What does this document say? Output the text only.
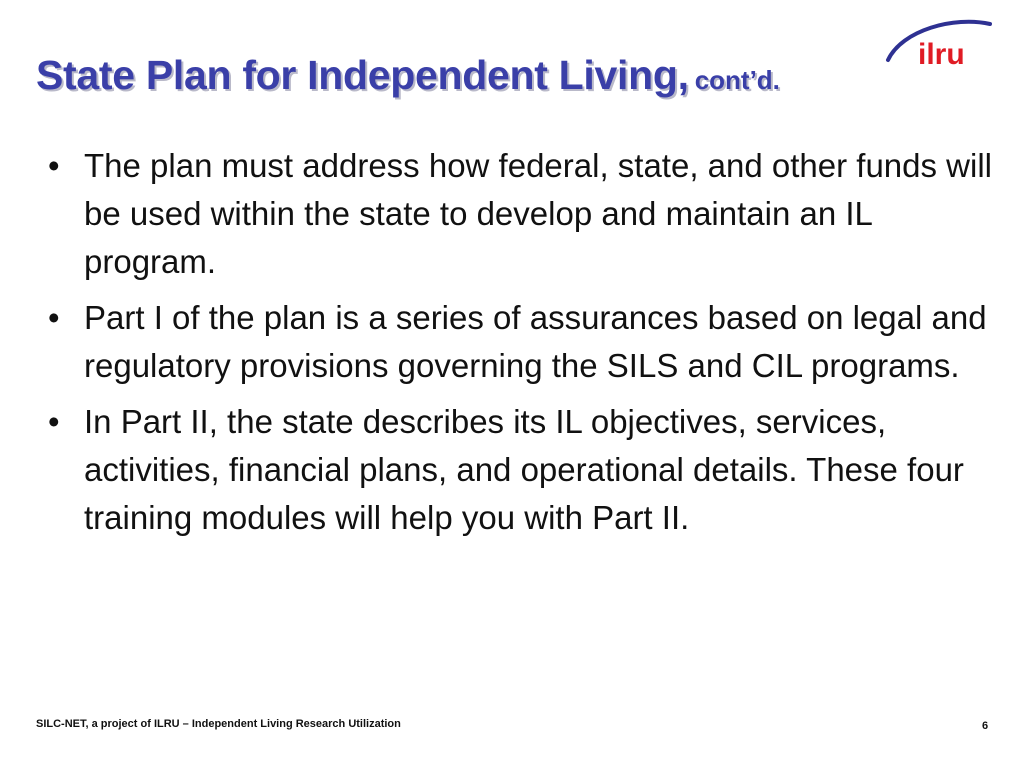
State Plan for Independent Living, cont’d.
ilru
• The plan must address how federal, state, and other funds will be used within the state to develop and maintain an IL program.
• Part I of the plan is a series of assurances based on legal and regulatory provisions governing the SILS and CIL programs.
• In Part II, the state describes its IL objectives, services, activities, financial plans, and operational details. These four training modules will help you with Part II.
SILC-NET, a project of ILRU – Independent Living Research Utilization	6
